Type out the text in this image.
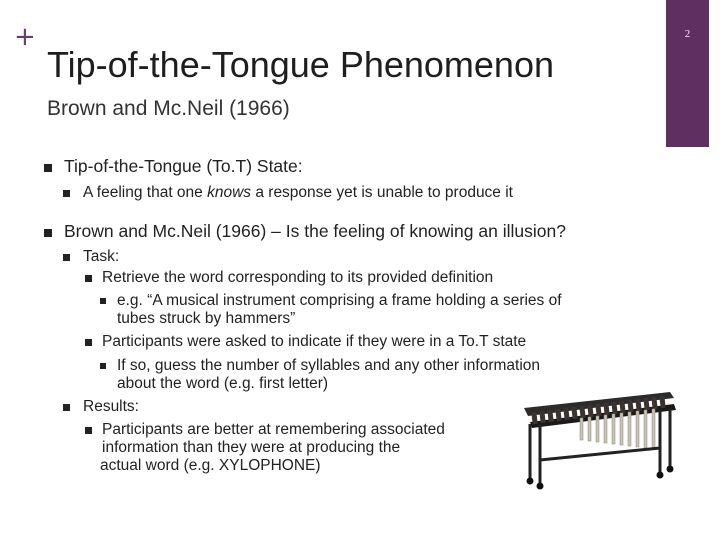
+	2
Tip-of-the-Tongue Phenomenon
Brown and Mc.Neil (1966)
Tip-of-the-Tongue (To.T) State:
A feeling that one knows a response yet is unable to produce it
Brown and Mc.Neil (1966) – Is the feeling of knowing an illusion?
Task:
Retrieve the word corresponding to its provided definition
e.g. “A musical instrument comprising a frame holding a series of
tubes struck by hammers”
Participants were asked to indicate if they were in a To.T state
If so, guess the number of syllables and any other information
about the word (e.g. first letter)
Results:
Participants are better at remembering associated
information than they were at producing the
actual word (e.g. XYLOPHONE)
